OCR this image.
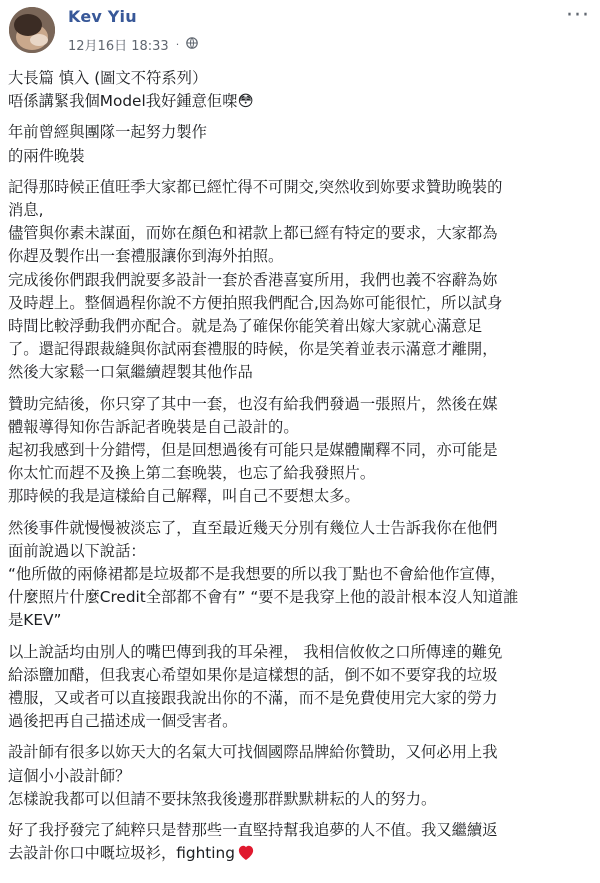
Kev Yiu
12月16日 18:33 ·
···
大長篇 慎入 (圖文不符系列）
唔係講緊我個Model我好鍾意佢㗎😳
年前曾經與團隊一起努力製作
的兩件晚裝
記得那時候正值旺季大家都已經忙得不可開交,突然收到妳要求贊助晚裝的
消息,
儘管與你素未謀面，而妳在顏色和裙款上都已經有特定的要求，大家都為
你趕及製作出一套禮服讓你到海外拍照。
完成後你們跟我們說要多設計一套於香港喜宴所用，我們也義不容辭為妳
及時趕上。整個過程你說不方便拍照我們配合,因為妳可能很忙，所以試身
時間比較浮動我們亦配合。就是為了確保你能笑着出嫁大家就心滿意足
了。還記得跟裁縫與你試兩套禮服的時候，你是笑着並表示滿意才離開，
然後大家鬆一口氣繼續趕製其他作品
贊助完結後，你只穿了其中一套，也沒有給我們發過一張照片，然後在媒
體報導得知你告訴記者晚裝是自己設計的。
起初我感到十分錯愕，但是回想過後有可能只是媒體闡釋不同，亦可能是
你太忙而趕不及換上第二套晚裝，也忘了給我發照片。
那時候的我是這樣給自己解釋，叫自己不要想太多。
然後事件就慢慢被淡忘了，直至最近幾天分別有幾位人士告訴我你在他們
面前說過以下說話：
“他所做的兩條裙都是垃圾都不是我想要的所以我丁點也不會給他作宣傳，
什麼照片什麼Credit全部都不會有” “要不是我穿上他的設計根本沒人知道誰
是KEV”
以上說話均由別人的嘴巴傳到我的耳朵裡， 我相信攸攸之口所傳達的難免
給添鹽加醋，但我衷心希望如果你是這樣想的話，倒不如不要穿我的垃圾
禮服，又或者可以直接跟我說出你的不滿，而不是免費使用完大家的勞力
過後把再自己描述成一個受害者。
設計師有很多以妳天大的名氣大可找個國際品牌給你贊助，又何必用上我
這個小小設計師？
怎樣說我都可以但請不要抹煞我後邊那群默默耕耘的人的努力。
好了我抒發完了純粹只是替那些一直堅持幫我追夢的人不值。我又繼續返
去設計你口中嘅垃圾衫，fighting
